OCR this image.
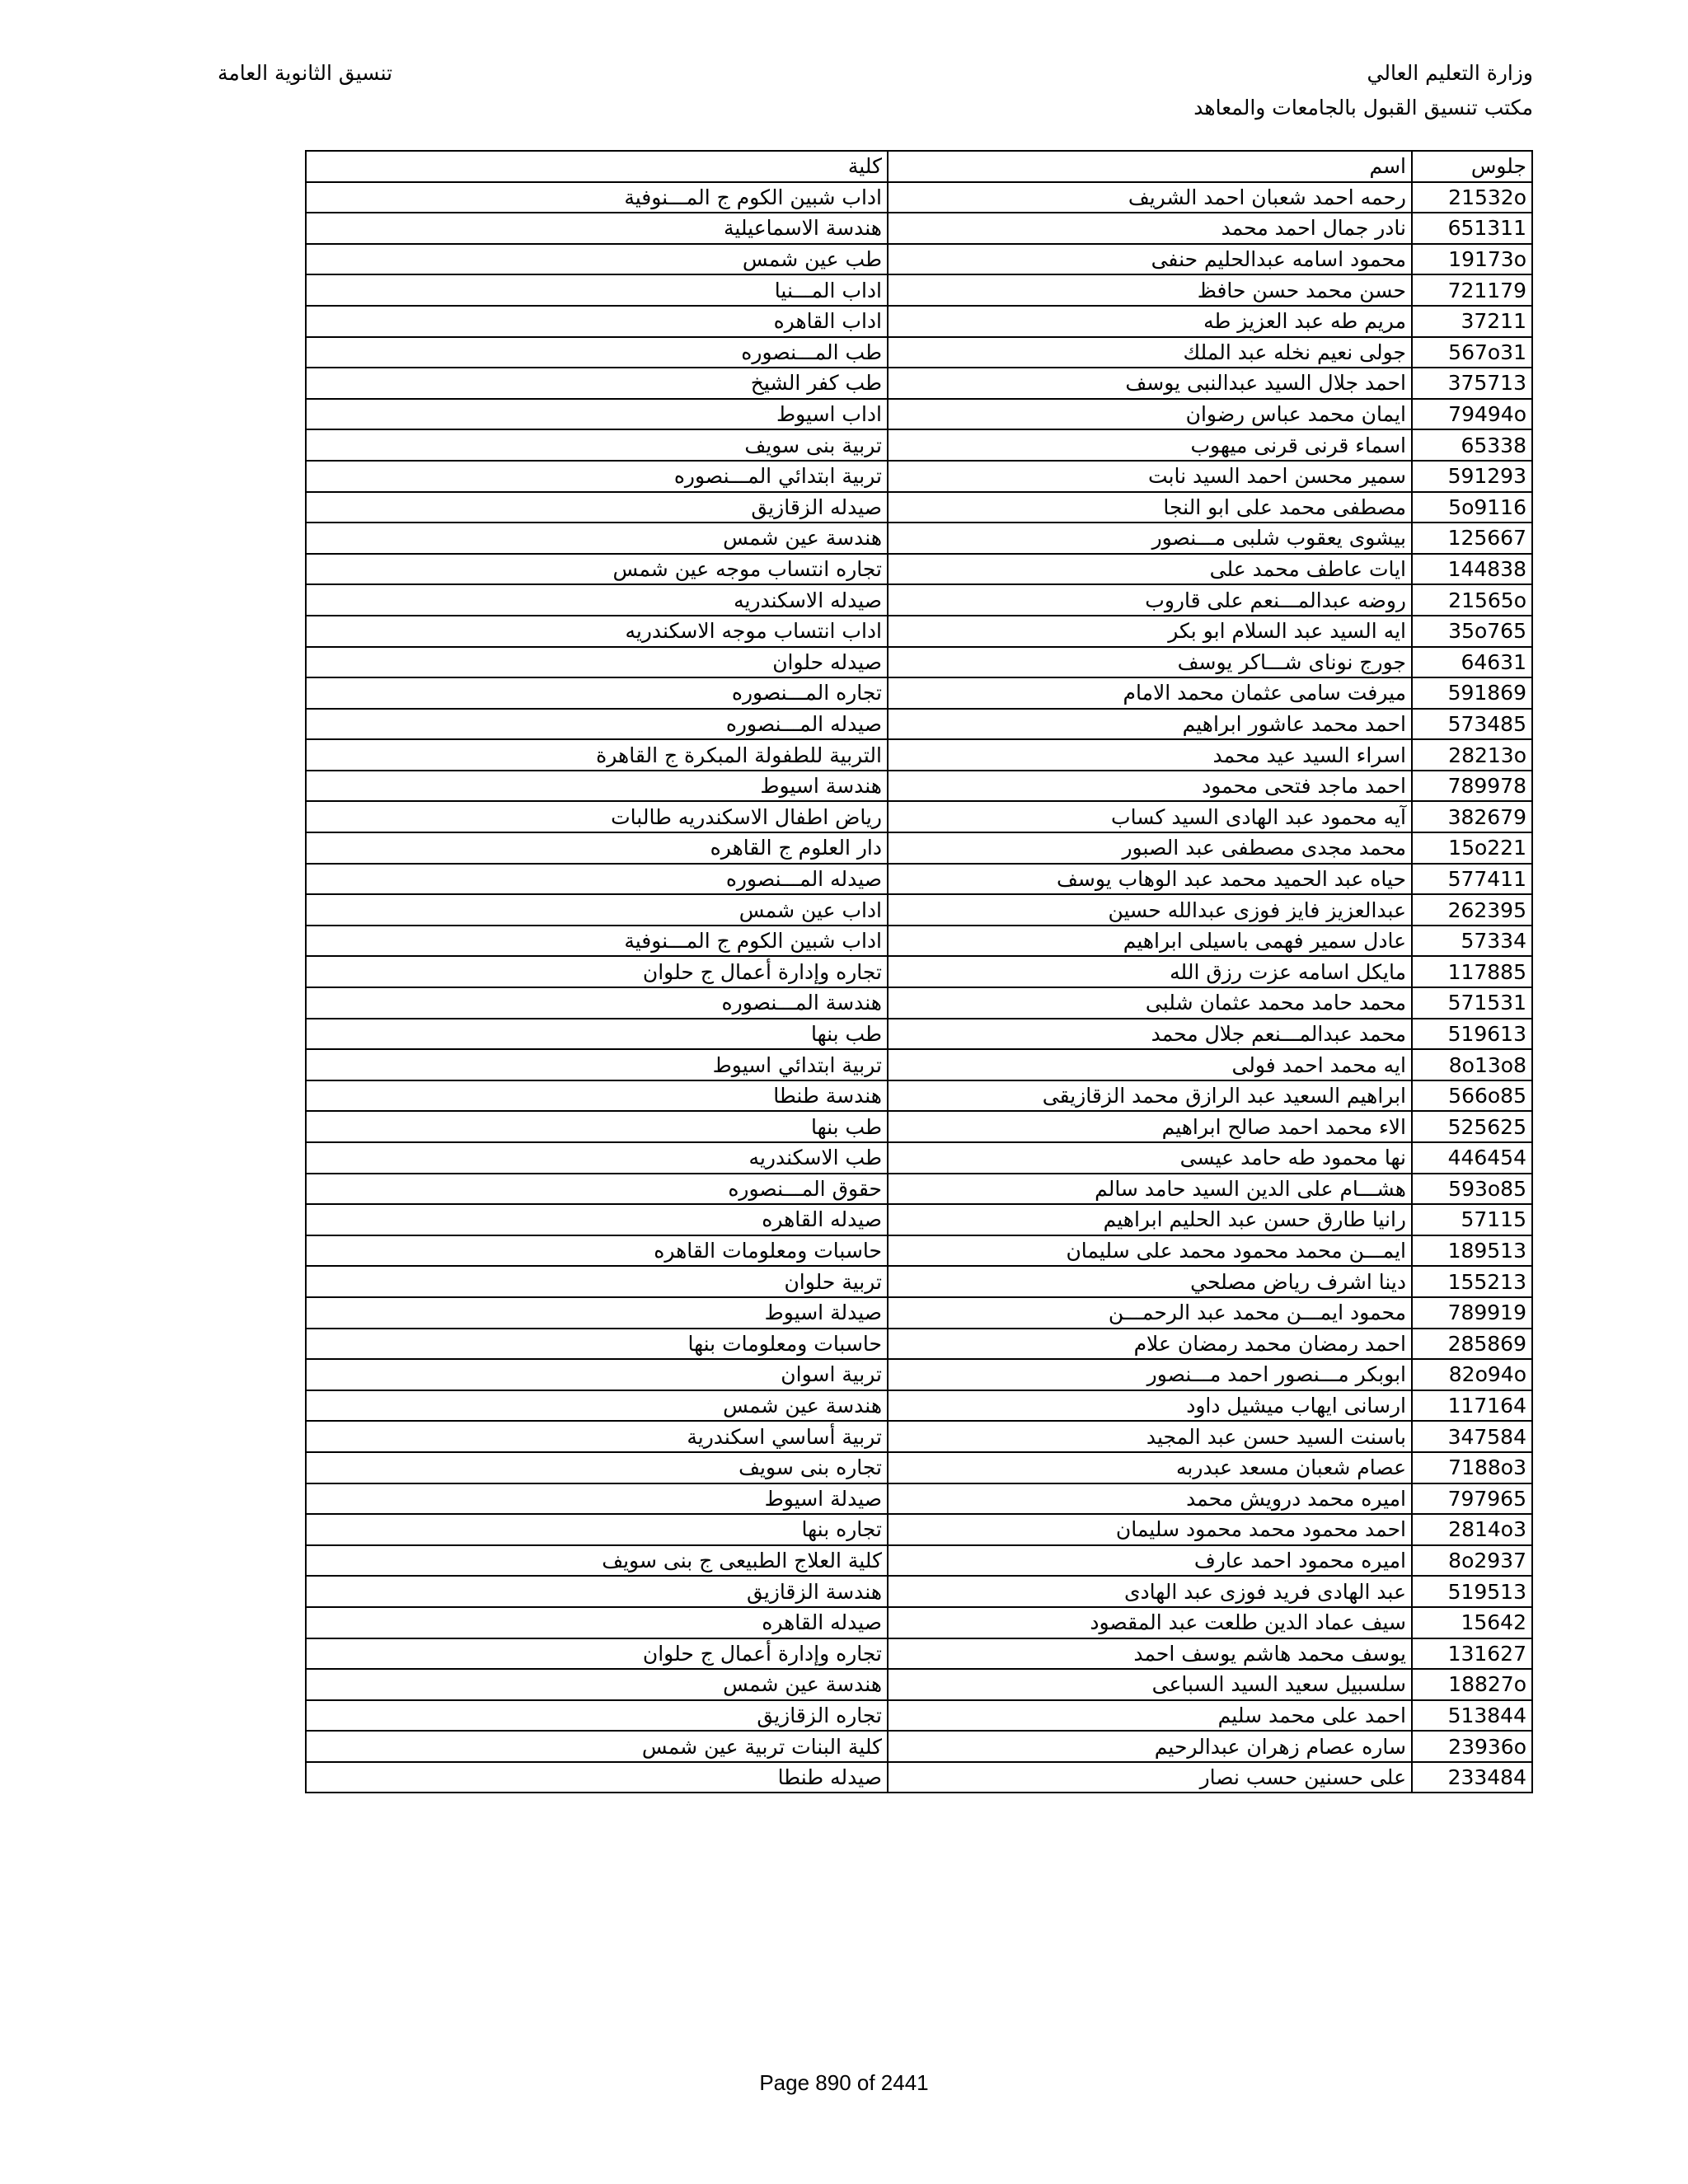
وزارة التعليم العالي
مكتب تنسيق القبول بالجامعات والمعاهد
تنسيق الثانوية العامة
جلوس	اسم	كلية
21532o	رحمه احمد شعبان احمد الشريف	اداب شبين الكوم ج المـــنوفية
651311	نادر جمال احمد محمد	هندسة الاسماعيلية
19173o	محمود اسامه عبدالحليم حنفى	طب عين شمس
721179	حسن محمد حسن حافظ	اداب المـــنيا
37211	مريم طه عبد العزيز طه	اداب القاهره
567o31	جولى نعيم نخله عبد الملك	طب المـــنصوره
375713	احمد جلال السيد عبدالنبى يوسف	طب كفر الشيخ
79494o	ايمان محمد عباس رضوان	اداب اسيوط
65338	اسماء قرنى قرنى ميهوب	تربية بنى سويف
591293	سمير محسن احمد السيد نابت	تربية ابتدائي المـــنصوره
5o9116	مصطفى محمد على ابو النجا	صيدله الزقازيق
125667	بيشوى يعقوب شلبى مـــنصور	هندسة عين شمس
144838	ايات عاطف محمد على	تجاره انتساب موجه عين شمس
21565o	روضه عبدالمـــنعم على قاروب	صيدله الاسكندريه
35o765	ايه السيد عبد السلام ابو بكر	اداب انتساب موجه الاسكندريه
64631	جورج نوناى شـــاكر يوسف	صيدله حلوان
591869	ميرفت سامى عثمان محمد الامام	تجاره المـــنصوره
573485	احمد محمد عاشور ابراهيم	صيدله المـــنصوره
28213o	اسراء السيد عيد محمد	التربية للطفولة المبكرة ج القاهرة
789978	احمد ماجد فتحى محمود	هندسة اسيوط
382679	آيه محمود عبد الهادى السيد كساب	رياض اطفال الاسكندريه طالبات
15o221	محمد مجدى مصطفى عبد الصبور	دار العلوم ج القاهره
577411	حياه عبد الحميد محمد عبد الوهاب يوسف	صيدله المـــنصوره
262395	عبدالعزيز فايز فوزى عبدالله حسين	اداب عين شمس
57334	عادل سمير فهمى باسيلى ابراهيم	اداب شبين الكوم ج المـــنوفية
117885	مايكل اسامه عزت رزق الله	تجاره وإدارة أعمال ج حلوان
571531	محمد حامد محمد عثمان شلبى	هندسة المـــنصوره
519613	محمد عبدالمـــنعم جلال محمد	طب بنها
8o13o8	ايه محمد احمد فولى	تربية ابتدائي اسيوط
566o85	ابراهيم السعيد عبد الرازق محمد الزقازيقى	هندسة طنطا
525625	الاء محمد احمد صالح ابراهيم	طب بنها
446454	نها محمود طه حامد عيسى	طب الاسكندريه
593o85	هشـــام على الدين السيد حامد سالم	حقوق المـــنصوره
57115	رانيا طارق حسن عبد الحليم ابراهيم	صيدله القاهره
189513	ايمـــن محمد محمود محمد على سليمان	حاسبات ومعلومات القاهره
155213	دينا اشرف رياض مصلحي	تربية حلوان
789919	محمود ايمـــن محمد عبد الرحمـــن	صيدلة اسيوط
285869	احمد رمضان محمد رمضان علام	حاسبات ومعلومات بنها
82o94o	ابوبكر مـــنصور احمد مـــنصور	تربية اسوان
117164	ارسانى ايهاب ميشيل داود	هندسة عين شمس
347584	باسنت السيد حسن عبد المجيد	تربية أساسي اسكندرية
7188o3	عصام شعبان مسعد عبدربه	تجاره بنى سويف
797965	اميره محمد درويش محمد	صيدلة اسيوط
2814o3	احمد محمود محمد محمود سليمان	تجاره بنها
8o2937	اميره محمود احمد عارف	كلية العلاج الطبيعى ج بنى سويف
519513	عبد الهادى فريد فوزى عبد الهادى	هندسة الزقازيق
15642	سيف عماد الدين طلعت عبد المقصود	صيدله القاهره
131627	يوسف محمد هاشم يوسف احمد	تجاره وإدارة أعمال ج حلوان
18827o	سلسبيل سعيد السيد السباعى	هندسة عين شمس
513844	احمد على محمد سليم	تجاره الزقازيق
23936o	ساره عصام زهران عبدالرحيم	كلية البنات تربية عين شمس
233484	على حسنين حسب نصار	صيدله طنطا
Page 890 of 2441
